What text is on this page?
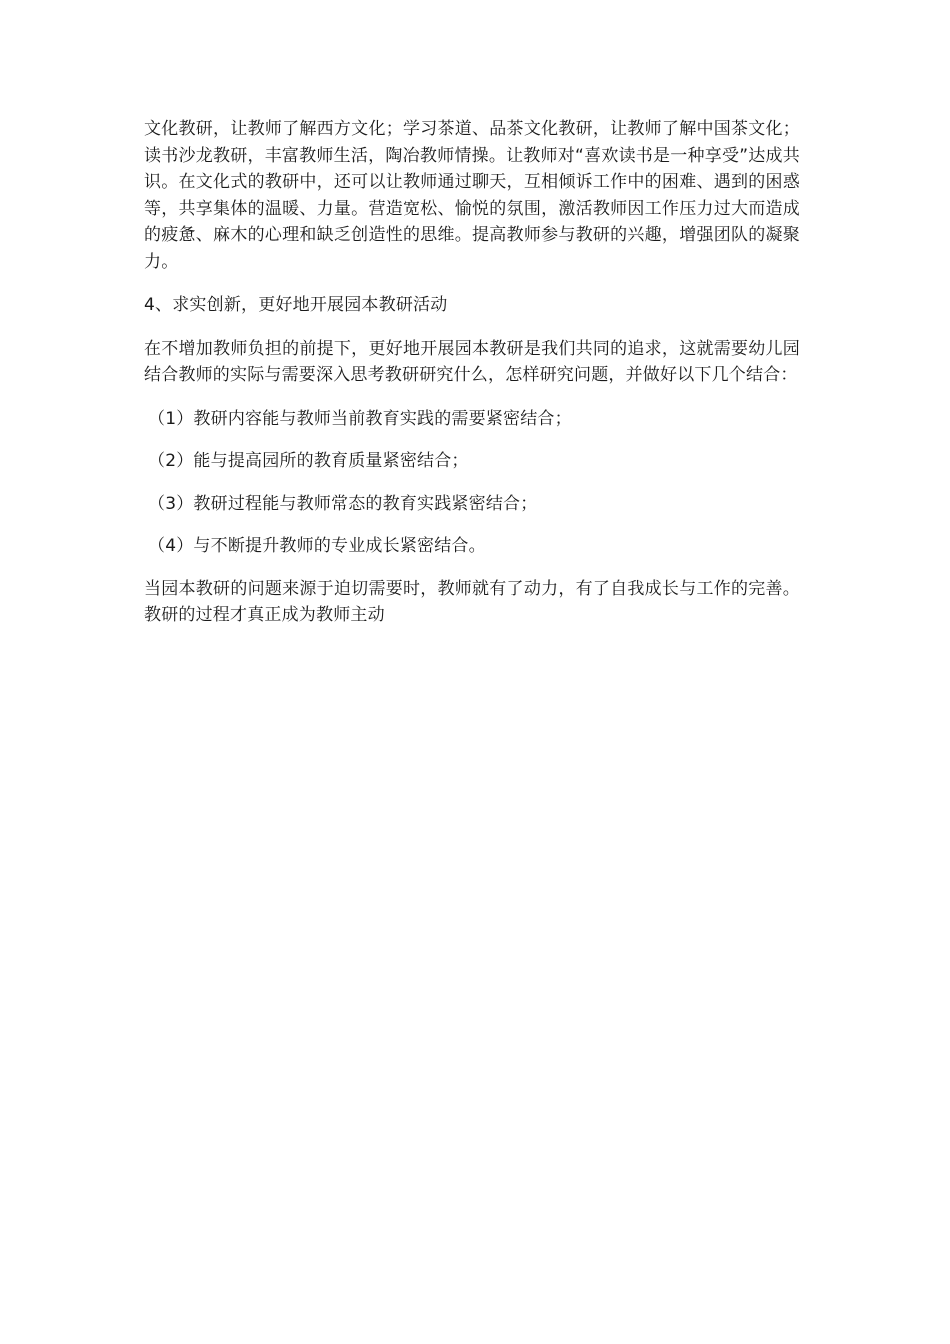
文化教研，让教师了解西方文化；学习茶道、品茶文化教研，让教师了解中国茶文化；读书沙龙教研，丰富教师生活，陶冶教师情操。让教师对“喜欢读书是一种享受”达成共识。在文化式的教研中，还可以让教师通过聊天，互相倾诉工作中的困难、遇到的困惑等，共享集体的温暖、力量。营造宽松、愉悦的氛围，激活教师因工作压力过大而造成的疲惫、麻木的心理和缺乏创造性的思维。提高教师参与教研的兴趣，增强团队的凝聚力。

4、求实创新，更好地开展园本教研活动

在不增加教师负担的前提下，更好地开展园本教研是我们共同的追求，这就需要幼儿园结合教师的实际与需要深入思考教研研究什么，怎样研究问题，并做好以下几个结合：

（1）教研内容能与教师当前教育实践的需要紧密结合；

（2）能与提高园所的教育质量紧密结合；

（3）教研过程能与教师常态的教育实践紧密结合；

（4）与不断提升教师的专业成长紧密结合。

当园本教研的问题来源于迫切需要时，教师就有了动力，有了自我成长与工作的完善。教研的过程才真正成为教师主动
